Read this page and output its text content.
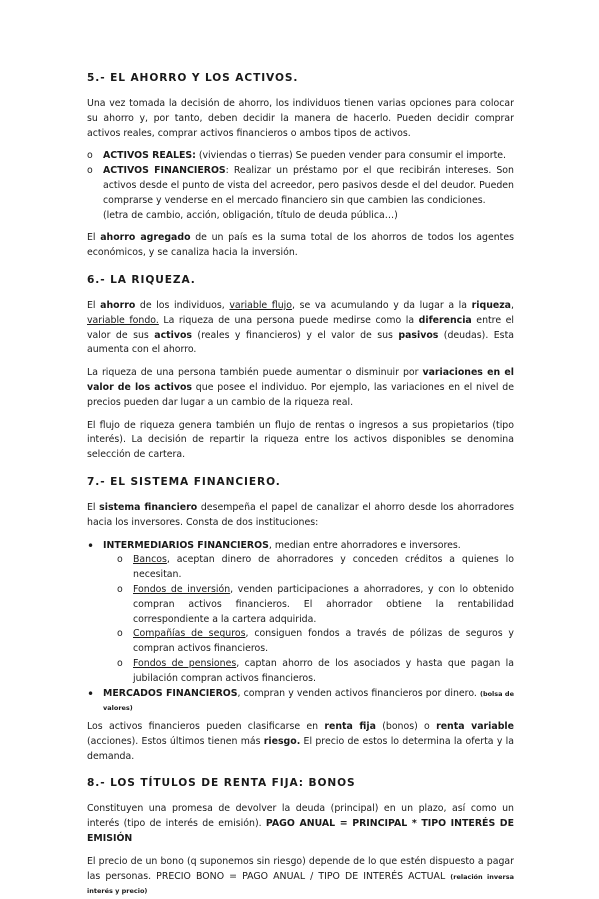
5.- EL AHORRO Y LOS ACTIVOS.

Una vez tomada la decisión de ahorro, los individuos tienen varias opciones para colocar su ahorro y, por tanto, deben decidir la manera de hacerlo. Pueden decidir comprar activos reales, comprar activos financieros o ambos tipos de activos.

o ACTIVOS REALES: (viviendas o tierras) Se pueden vender para consumir el importe.
o ACTIVOS FINANCIEROS: Realizar un préstamo por el que recibirán intereses. Son activos desde el punto de vista del acreedor, pero pasivos desde el del deudor. Pueden comprarse y venderse en el mercado financiero sin que cambien las condiciones.
(letra de cambio, acción, obligación, título de deuda pública…)

El ahorro agregado de un país es la suma total de los ahorros de todos los agentes económicos, y se canaliza hacia la inversión.

6.- LA RIQUEZA.

El ahorro de los individuos, variable flujo, se va acumulando y da lugar a la riqueza, variable fondo. La riqueza de una persona puede medirse como la diferencia entre el valor de sus activos (reales y financieros) y el valor de sus pasivos (deudas). Esta aumenta con el ahorro.

La riqueza de una persona también puede aumentar o disminuir por variaciones en el valor de los activos que posee el individuo. Por ejemplo, las variaciones en el nivel de precios pueden dar lugar a un cambio de la riqueza real.

El flujo de riqueza genera también un flujo de rentas o ingresos a sus propietarios (tipo interés). La decisión de repartir la riqueza entre los activos disponibles se denomina selección de cartera.

7.- EL SISTEMA FINANCIERO.

El sistema financiero desempeña el papel de canalizar el ahorro desde los ahorradores hacia los inversores. Consta de dos instituciones:

• INTERMEDIARIOS FINANCIEROS, median entre ahorradores e inversores.
o Bancos, aceptan dinero de ahorradores y conceden créditos a quienes lo necesitan.
o Fondos de inversión, venden participaciones a ahorradores, y con lo obtenido compran activos financieros. El ahorrador obtiene la rentabilidad correspondiente a la cartera adquirida.
o Compañías de seguros, consiguen fondos a través de pólizas de seguros y compran activos financieros.
o Fondos de pensiones, captan ahorro de los asociados y hasta que pagan la jubilación compran activos financieros.
• MERCADOS FINANCIEROS, compran y venden activos financieros por dinero. (bolsa de valores)

Los activos financieros pueden clasificarse en renta fija (bonos) o renta variable (acciones). Estos últimos tienen más riesgo. El precio de estos lo determina la oferta y la demanda.

8.- LOS TÍTULOS DE RENTA FIJA: BONOS

Constituyen una promesa de devolver la deuda (principal) en un plazo, así como un interés (tipo de interés de emisión). PAGO ANUAL = PRINCIPAL * TIPO INTERÉS DE EMISIÓN

El precio de un bono (q suponemos sin riesgo) depende de lo que estén dispuesto a pagar las personas. PRECIO BONO = PAGO ANUAL / TIPO DE INTERÉS ACTUAL (relación inversa interés y precio)
